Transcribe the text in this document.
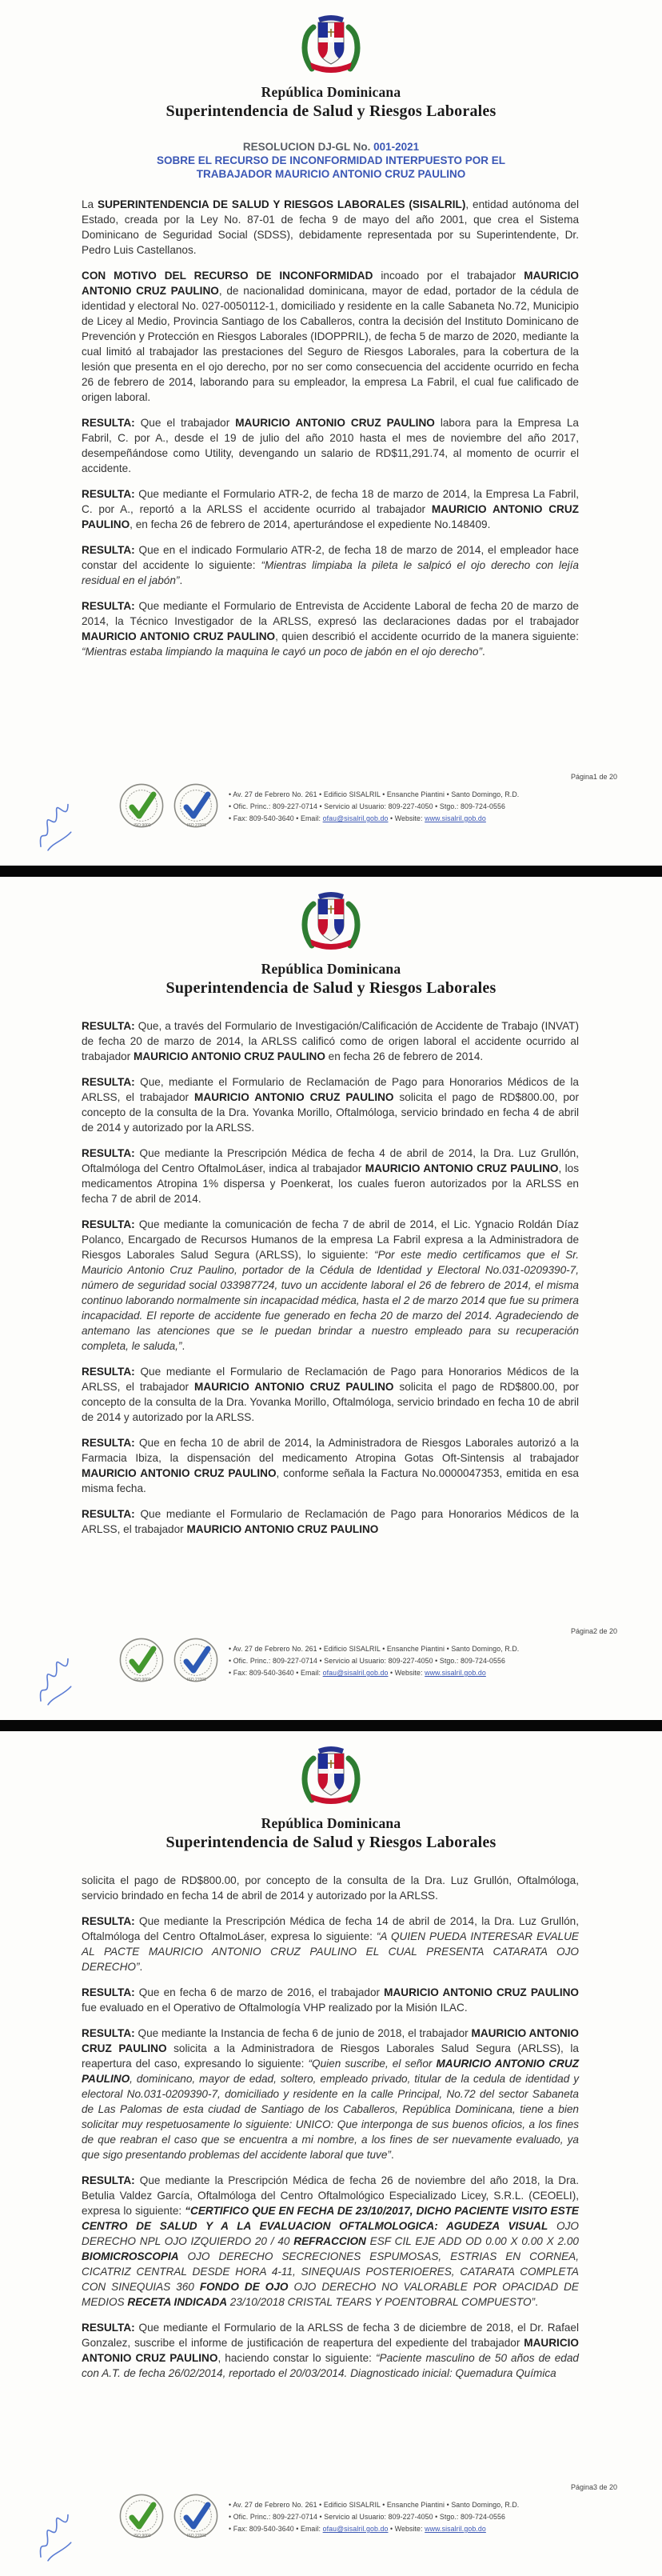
República Dominicana
Superintendencia de Salud y Riesgos Laborales
RESOLUCION DJ-GL No. 001-2021
SOBRE EL RECURSO DE INCONFORMIDAD INTERPUESTO POR EL
TRABAJADOR MAURICIO ANTONIO CRUZ PAULINO

La SUPERINTENDENCIA DE SALUD Y RIESGOS LABORALES (SISALRIL), entidad autónoma del Estado, creada por la Ley No. 87-01 de fecha 9 de mayo del año 2001, que crea el Sistema Dominicano de Seguridad Social (SDSS), debidamente representada por su Superintendente, Dr. Pedro Luis Castellanos.

CON MOTIVO DEL RECURSO DE INCONFORMIDAD incoado por el trabajador MAURICIO ANTONIO CRUZ PAULINO, de nacionalidad dominicana, mayor de edad, portador de la cédula de identidad y electoral No. 027-0050112-1, domiciliado y residente en la calle Sabaneta No.72, Municipio de Licey al Medio, Provincia Santiago de los Caballeros, contra la decisión del Instituto Dominicano de Prevención y Protección en Riesgos Laborales (IDOPPRIL), de fecha 5 de marzo de 2020, mediante la cual limitó al trabajador las prestaciones del Seguro de Riesgos Laborales, para la cobertura de la lesión que presenta en el ojo derecho, por no ser como consecuencia del accidente ocurrido en fecha 26 de febrero de 2014, laborando para su empleador, la empresa La Fabril, el cual fue calificado de origen laboral.

RESULTA: Que el trabajador MAURICIO ANTONIO CRUZ PAULINO labora para la Empresa La Fabril, C. por A., desde el 19 de julio del año 2010 hasta el mes de noviembre del año 2017, desempeñándose como Utility, devengando un salario de RD$11,291.74, al momento de ocurrir el accidente.

RESULTA: Que mediante el Formulario ATR-2, de fecha 18 de marzo de 2014, la Empresa La Fabril, C. por A., reportó a la ARLSS el accidente ocurrido al trabajador MAURICIO ANTONIO CRUZ PAULINO, en fecha 26 de febrero de 2014, aperturándose el expediente No.148409.

RESULTA: Que en el indicado Formulario ATR-2, de fecha 18 de marzo de 2014, el empleador hace constar del accidente lo siguiente: “Mientras limpiaba la pileta le salpicó el ojo derecho con lejía residual en el jabón”.

RESULTA: Que mediante el Formulario de Entrevista de Accidente Laboral de fecha 20 de marzo de 2014, la Técnico Investigador de la ARLSS, expresó las declaraciones dadas por el trabajador MAURICIO ANTONIO CRUZ PAULINO, quien describió el accidente ocurrido de la manera siguiente: “Mientras estaba limpiando la maquina le cayó un poco de jabón en el ojo derecho”.

Página1 de 20
ISO 9001	ISO 27001
• Av. 27 de Febrero No. 261 • Edificio SISALRIL • Ensanche Piantini • Santo Domingo, R.D.
• Ofic. Princ.: 809-227-0714 • Servicio al Usuario: 809-227-4050 • Stgo.: 809-724-0556
• Fax: 809-540-3640 • Email: ofau@sisalril.gob.do • Website: www.sisalril.gob.do
República Dominicana
Superintendencia de Salud y Riesgos Laborales

RESULTA: Que, a través del Formulario de Investigación/Calificación de Accidente de Trabajo (INVAT) de fecha 20 de marzo de 2014, la ARLSS calificó como de origen laboral el accidente ocurrido al trabajador MAURICIO ANTONIO CRUZ PAULINO en fecha 26 de febrero de 2014.

RESULTA: Que, mediante el Formulario de Reclamación de Pago para Honorarios Médicos de la ARLSS, el trabajador MAURICIO ANTONIO CRUZ PAULINO solicita el pago de RD$800.00, por concepto de la consulta de la Dra. Yovanka Morillo, Oftalmóloga, servicio brindado en fecha 4 de abril de 2014 y autorizado por la ARLSS.

RESULTA: Que mediante la Prescripción Médica de fecha 4 de abril de 2014, la Dra. Luz Grullón, Oftalmóloga del Centro OftalmoLáser, indica al trabajador MAURICIO ANTONIO CRUZ PAULINO, los medicamentos Atropina 1% dispersa y Poenkerat, los cuales fueron autorizados por la ARLSS en fecha 7 de abril de 2014.

RESULTA: Que mediante la comunicación de fecha 7 de abril de 2014, el Lic. Ygnacio Roldán Díaz Polanco, Encargado de Recursos Humanos de la empresa La Fabril expresa a la Administradora de Riesgos Laborales Salud Segura (ARLSS), lo siguiente: “Por este medio certificamos que el Sr. Mauricio Antonio Cruz Paulino, portador de la Cédula de Identidad y Electoral No.031-0209390-7, número de seguridad social 033987724, tuvo un accidente laboral el 26 de febrero de 2014, el misma continuo laborando normalmente sin incapacidad médica, hasta el 2 de marzo 2014 que fue su primera incapacidad. El reporte de accidente fue generado en fecha 20 de marzo del 2014. Agradeciendo de antemano las atenciones que se le puedan brindar a nuestro empleado para su recuperación completa, le saluda,”.

RESULTA: Que mediante el Formulario de Reclamación de Pago para Honorarios Médicos de la ARLSS, el trabajador MAURICIO ANTONIO CRUZ PAULINO solicita el pago de RD$800.00, por concepto de la consulta de la Dra. Yovanka Morillo, Oftalmóloga, servicio brindado en fecha 10 de abril de 2014 y autorizado por la ARLSS.

RESULTA: Que en fecha 10 de abril de 2014, la Administradora de Riesgos Laborales autorizó a la Farmacia Ibiza, la dispensación del medicamento Atropina Gotas Oft-Sintensis al trabajador MAURICIO ANTONIO CRUZ PAULINO, conforme señala la Factura No.0000047353, emitida en esa misma fecha.

RESULTA: Que mediante el Formulario de Reclamación de Pago para Honorarios Médicos de la ARLSS, el trabajador MAURICIO ANTONIO CRUZ PAULINO

Página2 de 20
ISO 9001	ISO 27001
• Av. 27 de Febrero No. 261 • Edificio SISALRIL • Ensanche Piantini • Santo Domingo, R.D.
• Ofic. Princ.: 809-227-0714 • Servicio al Usuario: 809-227-4050 • Stgo.: 809-724-0556
• Fax: 809-540-3640 • Email: ofau@sisalril.gob.do • Website: www.sisalril.gob.do
República Dominicana
Superintendencia de Salud y Riesgos Laborales

solicita el pago de RD$800.00, por concepto de la consulta de la Dra. Luz Grullón, Oftalmóloga, servicio brindado en fecha 14 de abril de 2014 y autorizado por la ARLSS.

RESULTA: Que mediante la Prescripción Médica de fecha 14 de abril de 2014, la Dra. Luz Grullón, Oftalmóloga del Centro OftalmoLáser, expresa lo siguiente: “A QUIEN PUEDA INTERESAR EVALUE AL PACTE MAURICIO ANTONIO CRUZ PAULINO EL CUAL PRESENTA CATARATA OJO DERECHO”.

RESULTA: Que en fecha 6 de marzo de 2016, el trabajador MAURICIO ANTONIO CRUZ PAULINO fue evaluado en el Operativo de Oftalmología VHP realizado por la Misión ILAC.

RESULTA: Que mediante la Instancia de fecha 6 de junio de 2018, el trabajador MAURICIO ANTONIO CRUZ PAULINO solicita a la Administradora de Riesgos Laborales Salud Segura (ARLSS), la reapertura del caso, expresando lo siguiente: “Quien suscribe, el señor MAURICIO ANTONIO CRUZ PAULINO, dominicano, mayor de edad, soltero, empleado privado, titular de la cedula de identidad y electoral No.031-0209390-7, domiciliado y residente en la calle Principal, No.72 del sector Sabaneta de Las Palomas de esta ciudad de Santiago de los Caballeros, República Dominicana, tiene a bien solicitar muy respetuosamente lo siguiente: UNICO: Que interponga de sus buenos oficios, a los fines de que reabran el caso que se encuentra a mi nombre, a los fines de ser nuevamente evaluado, ya que sigo presentando problemas del accidente laboral que tuve”.

RESULTA: Que mediante la Prescripción Médica de fecha 26 de noviembre del año 2018, la Dra. Betulia Valdez García, Oftalmóloga del Centro Oftalmológico Especializado Licey, S.R.L. (CEOELI), expresa lo siguiente: “CERTIFICO QUE EN FECHA DE 23/10/2017, DICHO PACIENTE VISITO ESTE CENTRO DE SALUD Y A LA EVALUACION OFTALMOLOGICA: AGUDEZA VISUAL OJO DERECHO NPL OJO IZQUIERDO 20 / 40 REFRACCION ESF CIL EJE ADD OD 0.00 X 0.00 X 2.00 BIOMICROSCOPIA OJO DERECHO SECRECIONES ESPUMOSAS, ESTRIAS EN CORNEA, CICATRIZ CENTRAL DESDE HORA 4-11, SINEQUAIS POSTERIOERES, CATARATA COMPLETA CON SINEQUIAS 360 FONDO DE OJO OJO DERECHO NO VALORABLE POR OPACIDAD DE MEDIOS RECETA INDICADA 23/10/2018 CRISTAL TEARS Y POENTOBRAL COMPUESTO”.

RESULTA: Que mediante el Formulario de la ARLSS de fecha 3 de diciembre de 2018, el Dr. Rafael Gonzalez, suscribe el informe de justificación de reapertura del expediente del trabajador MAURICIO ANTONIO CRUZ PAULINO, haciendo constar lo siguiente: “Paciente masculino de 50 años de edad con A.T. de fecha 26/02/2014, reportado el 20/03/2014. Diagnosticado inicial: Quemadura Química

Página3 de 20
ISO 9001	ISO 27001
• Av. 27 de Febrero No. 261 • Edificio SISALRIL • Ensanche Piantini • Santo Domingo, R.D.
• Ofic. Princ.: 809-227-0714 • Servicio al Usuario: 809-227-4050 • Stgo.: 809-724-0556
• Fax: 809-540-3640 • Email: ofau@sisalril.gob.do • Website: www.sisalril.gob.do
